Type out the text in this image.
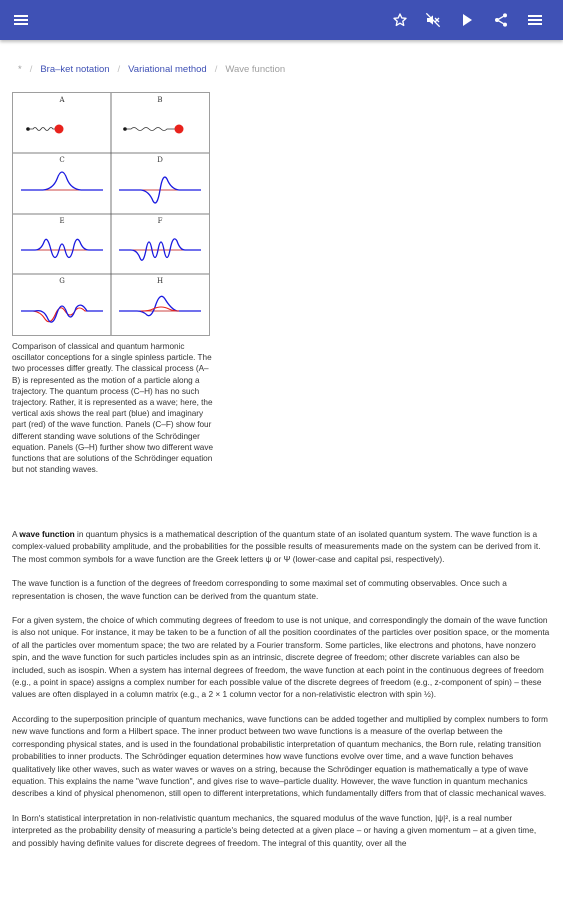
* / Bra–ket notation / Variational method / Wave function
A	B
C	D
E	F
G	H
Comparison of classical and quantum harmonic oscillator conceptions for a single spinless particle. The two processes differ greatly. The classical process (A–B) is represented as the motion of a particle along a trajectory. The quantum process (C–H) has no such trajectory. Rather, it is represented as a wave; here, the vertical axis shows the real part (blue) and imaginary part (red) of the wave function. Panels (C–F) show four different standing wave solutions of the Schrödinger equation. Panels (G–H) further show two different wave functions that are solutions of the Schrödinger equation but not standing waves.

A wave function in quantum physics is a mathematical description of the quantum state of an isolated quantum system. The wave function is a complex-valued probability amplitude, and the probabilities for the possible results of measurements made on the system can be derived from it. The most common symbols for a wave function are the Greek letters ψ or Ψ (lower-case and capital psi, respectively).

The wave function is a function of the degrees of freedom corresponding to some maximal set of commuting observables. Once such a representation is chosen, the wave function can be derived from the quantum state.

For a given system, the choice of which commuting degrees of freedom to use is not unique, and correspondingly the domain of the wave function is also not unique. For instance, it may be taken to be a function of all the position coordinates of the particles over position space, or the momenta of all the particles over momentum space; the two are related by a Fourier transform. Some particles, like electrons and photons, have nonzero spin, and the wave function for such particles includes spin as an intrinsic, discrete degree of freedom; other discrete variables can also be included, such as isospin. When a system has internal degrees of freedom, the wave function at each point in the continuous degrees of freedom (e.g., a point in space) assigns a complex number for each possible value of the discrete degrees of freedom (e.g., z-component of spin) – these values are often displayed in a column matrix (e.g., a 2 × 1 column vector for a non-relativistic electron with spin ½).

According to the superposition principle of quantum mechanics, wave functions can be added together and multiplied by complex numbers to form new wave functions and form a Hilbert space. The inner product between two wave functions is a measure of the overlap between the corresponding physical states, and is used in the foundational probabilistic interpretation of quantum mechanics, the Born rule, relating transition probabilities to inner products. The Schrödinger equation determines how wave functions evolve over time, and a wave function behaves qualitatively like other waves, such as water waves or waves on a string, because the Schrödinger equation is mathematically a type of wave equation. This explains the name "wave function", and gives rise to wave–particle duality. However, the wave function in quantum mechanics describes a kind of physical phenomenon, still open to different interpretations, which fundamentally differs from that of classic mechanical waves.

In Born's statistical interpretation in non-relativistic quantum mechanics, the squared modulus of the wave function, |ψ|², is a real number interpreted as the probability density of measuring a particle's being detected at a given place – or having a given momentum – at a given time, and possibly having definite values for discrete degrees of freedom. The integral of this quantity, over all the
